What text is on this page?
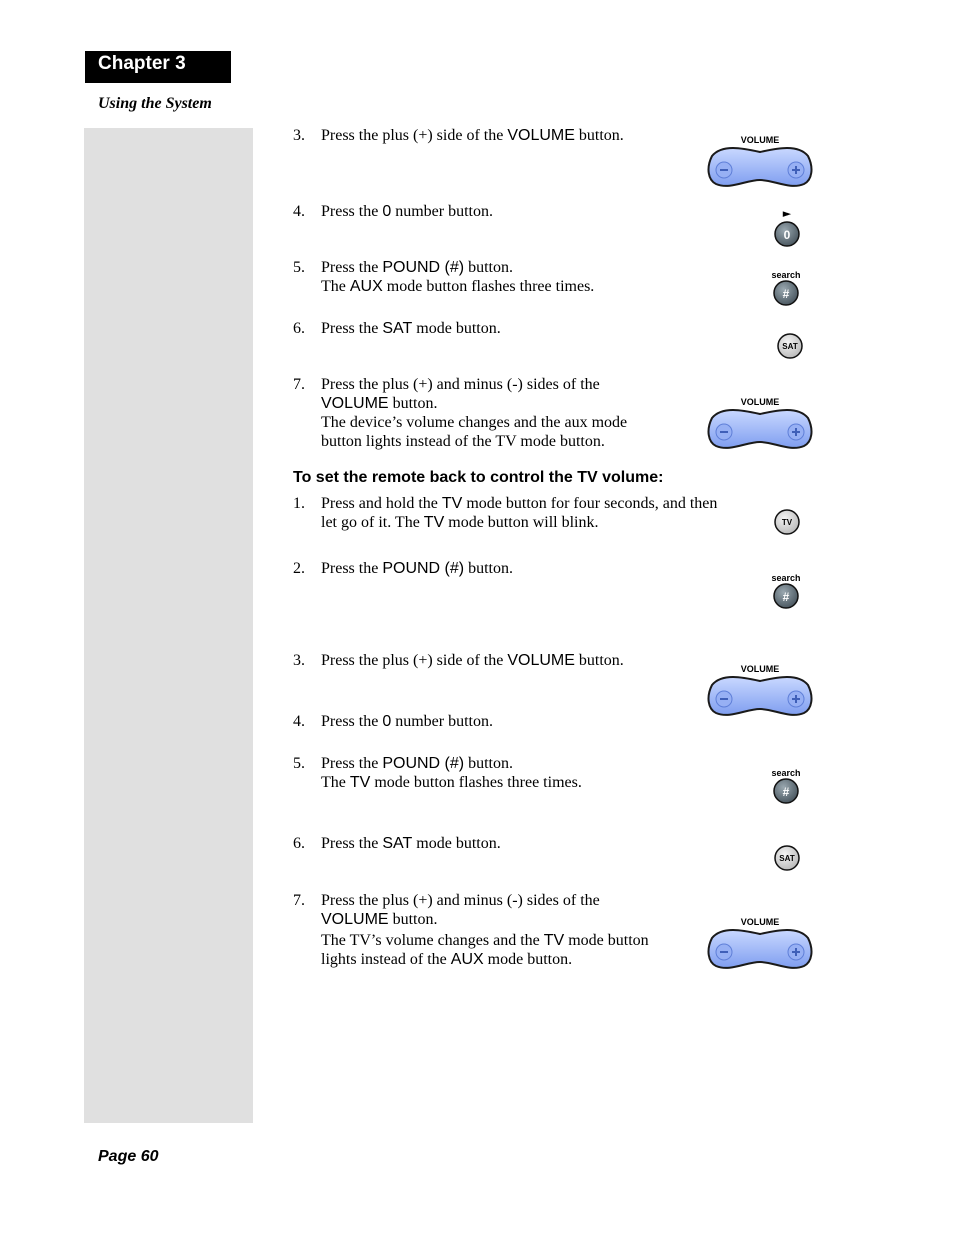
Chapter 3
Using the System
3. Press the plus (+) side of the VOLUME button.
4. Press the 0 number button.
5. Press the POUND (#) button.
The AUX mode button flashes three times.
6. Press the SAT mode button.
7. Press the plus (+) and minus (-) sides of the
VOLUME button.
The device’s volume changes and the aux mode
button lights instead of the TV mode button.
To set the remote back to control the TV volume:
1. Press and hold the TV mode button for four seconds, and then
let go of it. The TV mode button will blink.
2. Press the POUND (#) button.
3. Press the plus (+) side of the VOLUME button.
4. Press the 0 number button.
5. Press the POUND (#) button.
The TV mode button flashes three times.
6. Press the SAT mode button.
7. Press the plus (+) and minus (-) sides of the
VOLUME button.
The TV’s volume changes and the TV mode button
lights instead of the AUX mode button.
VOLUME
►
0
search
#
SAT
VOLUME
TV
search
#
VOLUME
search
#
SAT
VOLUME
Page 60
